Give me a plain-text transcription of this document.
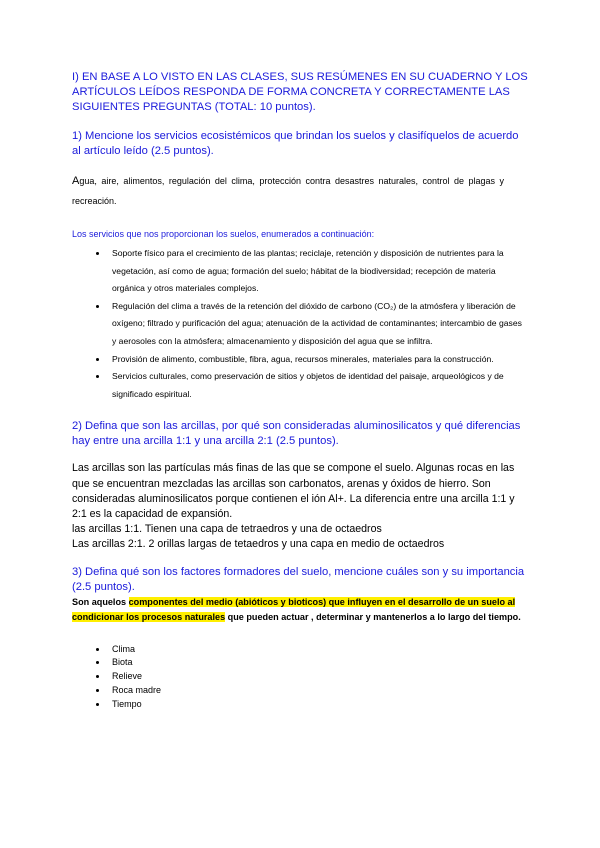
I) EN BASE A LO VISTO EN LAS CLASES, SUS RESÚMENES EN SU CUADERNO Y LOS ARTÍCULOS LEÍDOS RESPONDA DE FORMA CONCRETA Y CORRECTAMENTE LAS SIGUIENTES PREGUNTAS (TOTAL: 10 puntos).

1) Mencione los servicios ecosistémicos que brindan los suelos y clasifíquelos de acuerdo al artículo leído (2.5 puntos).

Agua, aire, alimentos, regulación del clima, protección contra desastres naturales, control de plagas y recreación.

Los servicios que nos proporcionan los suelos, enumerados a continuación:

• Soporte físico para el crecimiento de las plantas; reciclaje, retención y disposición de nutrientes para la vegetación, así como de agua; formación del suelo; hábitat de la biodiversidad; recepción de materia orgánica y otros materiales complejos.
• Regulación del clima a través de la retención del dióxido de carbono (CO₂) de la atmósfera y liberación de oxígeno; filtrado y purificación del agua; atenuación de la actividad de contaminantes; intercambio de gases y aerosoles con la atmósfera; almacenamiento y disposición del agua que se infiltra.
• Provisión de alimento, combustible, fibra, agua, recursos minerales, materiales para la construcción.
• Servicios culturales, como preservación de sitios y objetos de identidad del paisaje, arqueológicos y de significado espiritual.

2) Defina que son las arcillas, por qué son consideradas aluminosilicatos y qué diferencias hay entre una arcilla 1:1 y una arcilla 2:1 (2.5 puntos).

Las arcillas son las partículas más finas de las que se compone el suelo. Algunas rocas en las que se encuentran mezcladas las arcillas son carbonatos, arenas y óxidos de hierro. Son consideradas aluminosilicatos porque contienen el ión Al+. La diferencia entre una arcilla 1:1 y 2:1 es la capacidad de expansión.

las arcillas 1:1. Tienen una capa de tetraedros y una de octaedros

Las arcillas 2:1. 2 orillas largas de tetaedros y una capa en medio de octaedros

3) Defina qué son los factores formadores del suelo, mencione cuáles son y su importancia (2.5 puntos).

Son aquelos componentes del medio (abióticos y bioticos) que influyen en el desarrollo de un suelo al condicionar los procesos naturales que pueden actuar , determinar y mantenerlos a lo largo del tiempo.

• Clima
• Biota
• Relieve
• Roca madre
• Tiempo
